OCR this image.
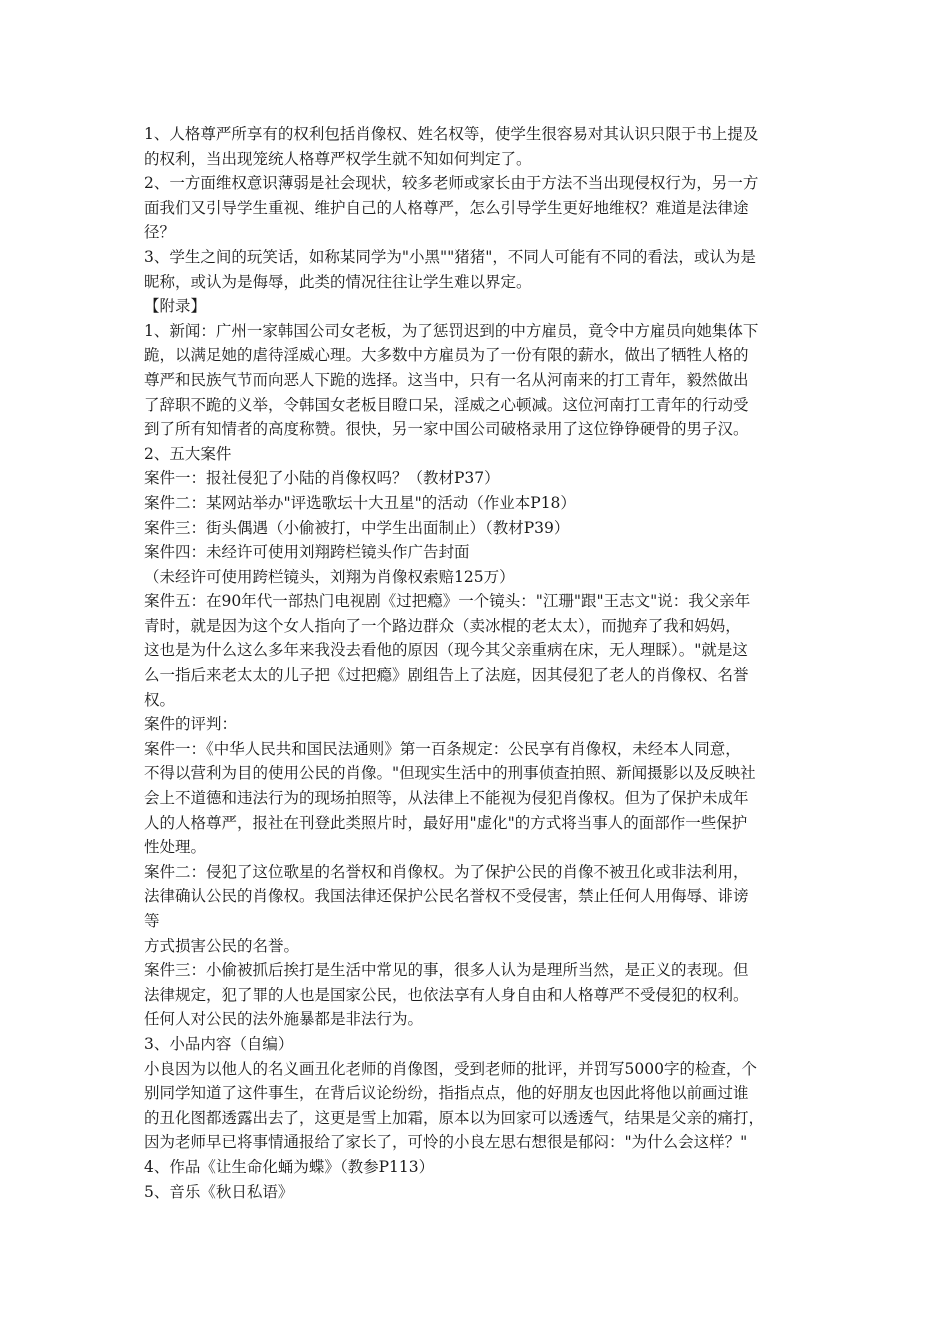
1、人格尊严所享有的权利包括肖像权、姓名权等，使学生很容易对其认识只限于书上提及
的权利，当出现笼统人格尊严权学生就不知如何判定了。
2、一方面维权意识薄弱是社会现状，较多老师或家长由于方法不当出现侵权行为，另一方
面我们又引导学生重视、维护自己的人格尊严，怎么引导学生更好地维权？难道是法律途
径？
3、学生之间的玩笑话，如称某同学为"小黑""猪猪"，不同人可能有不同的看法，或认为是
昵称，或认为是侮辱，此类的情况往往让学生难以界定。
【附录】
1、新闻：广州一家韩国公司女老板，为了惩罚迟到的中方雇员，竟令中方雇员向她集体下
跪，以满足她的虐待淫威心理。大多数中方雇员为了一份有限的薪水，做出了牺牲人格的
尊严和民族气节而向恶人下跪的选择。这当中，只有一名从河南来的打工青年，毅然做出
了辞职不跪的义举，令韩国女老板目瞪口呆，淫威之心顿减。这位河南打工青年的行动受
到了所有知情者的高度称赞。很快，另一家中国公司破格录用了这位铮铮硬骨的男子汉。
2、五大案件
案件一：报社侵犯了小陆的肖像权吗？（教材P37）
案件二：某网站举办"评选歌坛十大丑星"的活动（作业本P18）
案件三：街头偶遇（小偷被打，中学生出面制止）（教材P39）
案件四：未经许可使用刘翔跨栏镜头作广告封面
（未经许可使用跨栏镜头，刘翔为肖像权索赔125万）
案件五：在90年代一部热门电视剧《过把瘾》一个镜头："江珊"跟"王志文"说：我父亲年
青时，就是因为这个女人指向了一个路边群众（卖冰棍的老太太），而抛弃了我和妈妈，
这也是为什么这么多年来我没去看他的原因（现今其父亲重病在床，无人理睬）。"就是这
么一指后来老太太的儿子把《过把瘾》剧组告上了法庭，因其侵犯了老人的肖像权、名誉
权。
案件的评判：
案件一：《中华人民共和国民法通则》第一百条规定：公民享有肖像权，未经本人同意，
不得以营利为目的使用公民的肖像。"但现实生活中的刑事侦查拍照、新闻摄影以及反映社
会上不道德和违法行为的现场拍照等，从法律上不能视为侵犯肖像权。但为了保护未成年
人的人格尊严，报社在刊登此类照片时，最好用"虚化"的方式将当事人的面部作一些保护
性处理。
案件二：侵犯了这位歌星的名誉权和肖像权。为了保护公民的肖像不被丑化或非法利用，
法律确认公民的肖像权。我国法律还保护公民名誉权不受侵害，禁止任何人用侮辱、诽谤
等
方式损害公民的名誉。
案件三：小偷被抓后挨打是生活中常见的事，很多人认为是理所当然，是正义的表现。但
法律规定，犯了罪的人也是国家公民，也依法享有人身自由和人格尊严不受侵犯的权利。
任何人对公民的法外施暴都是非法行为。
3、小品内容（自编）
小良因为以他人的名义画丑化老师的肖像图，受到老师的批评，并罚写5000字的检查，个
别同学知道了这件事生，在背后议论纷纷，指指点点，他的好朋友也因此将他以前画过谁
的丑化图都透露出去了，这更是雪上加霜，原本以为回家可以透透气，结果是父亲的痛打，
因为老师早已将事情通报给了家长了，可怜的小良左思右想很是郁闷："为什么会这样？"
4、作品《让生命化蛹为蝶》（教参P113）
5、音乐《秋日私语》
